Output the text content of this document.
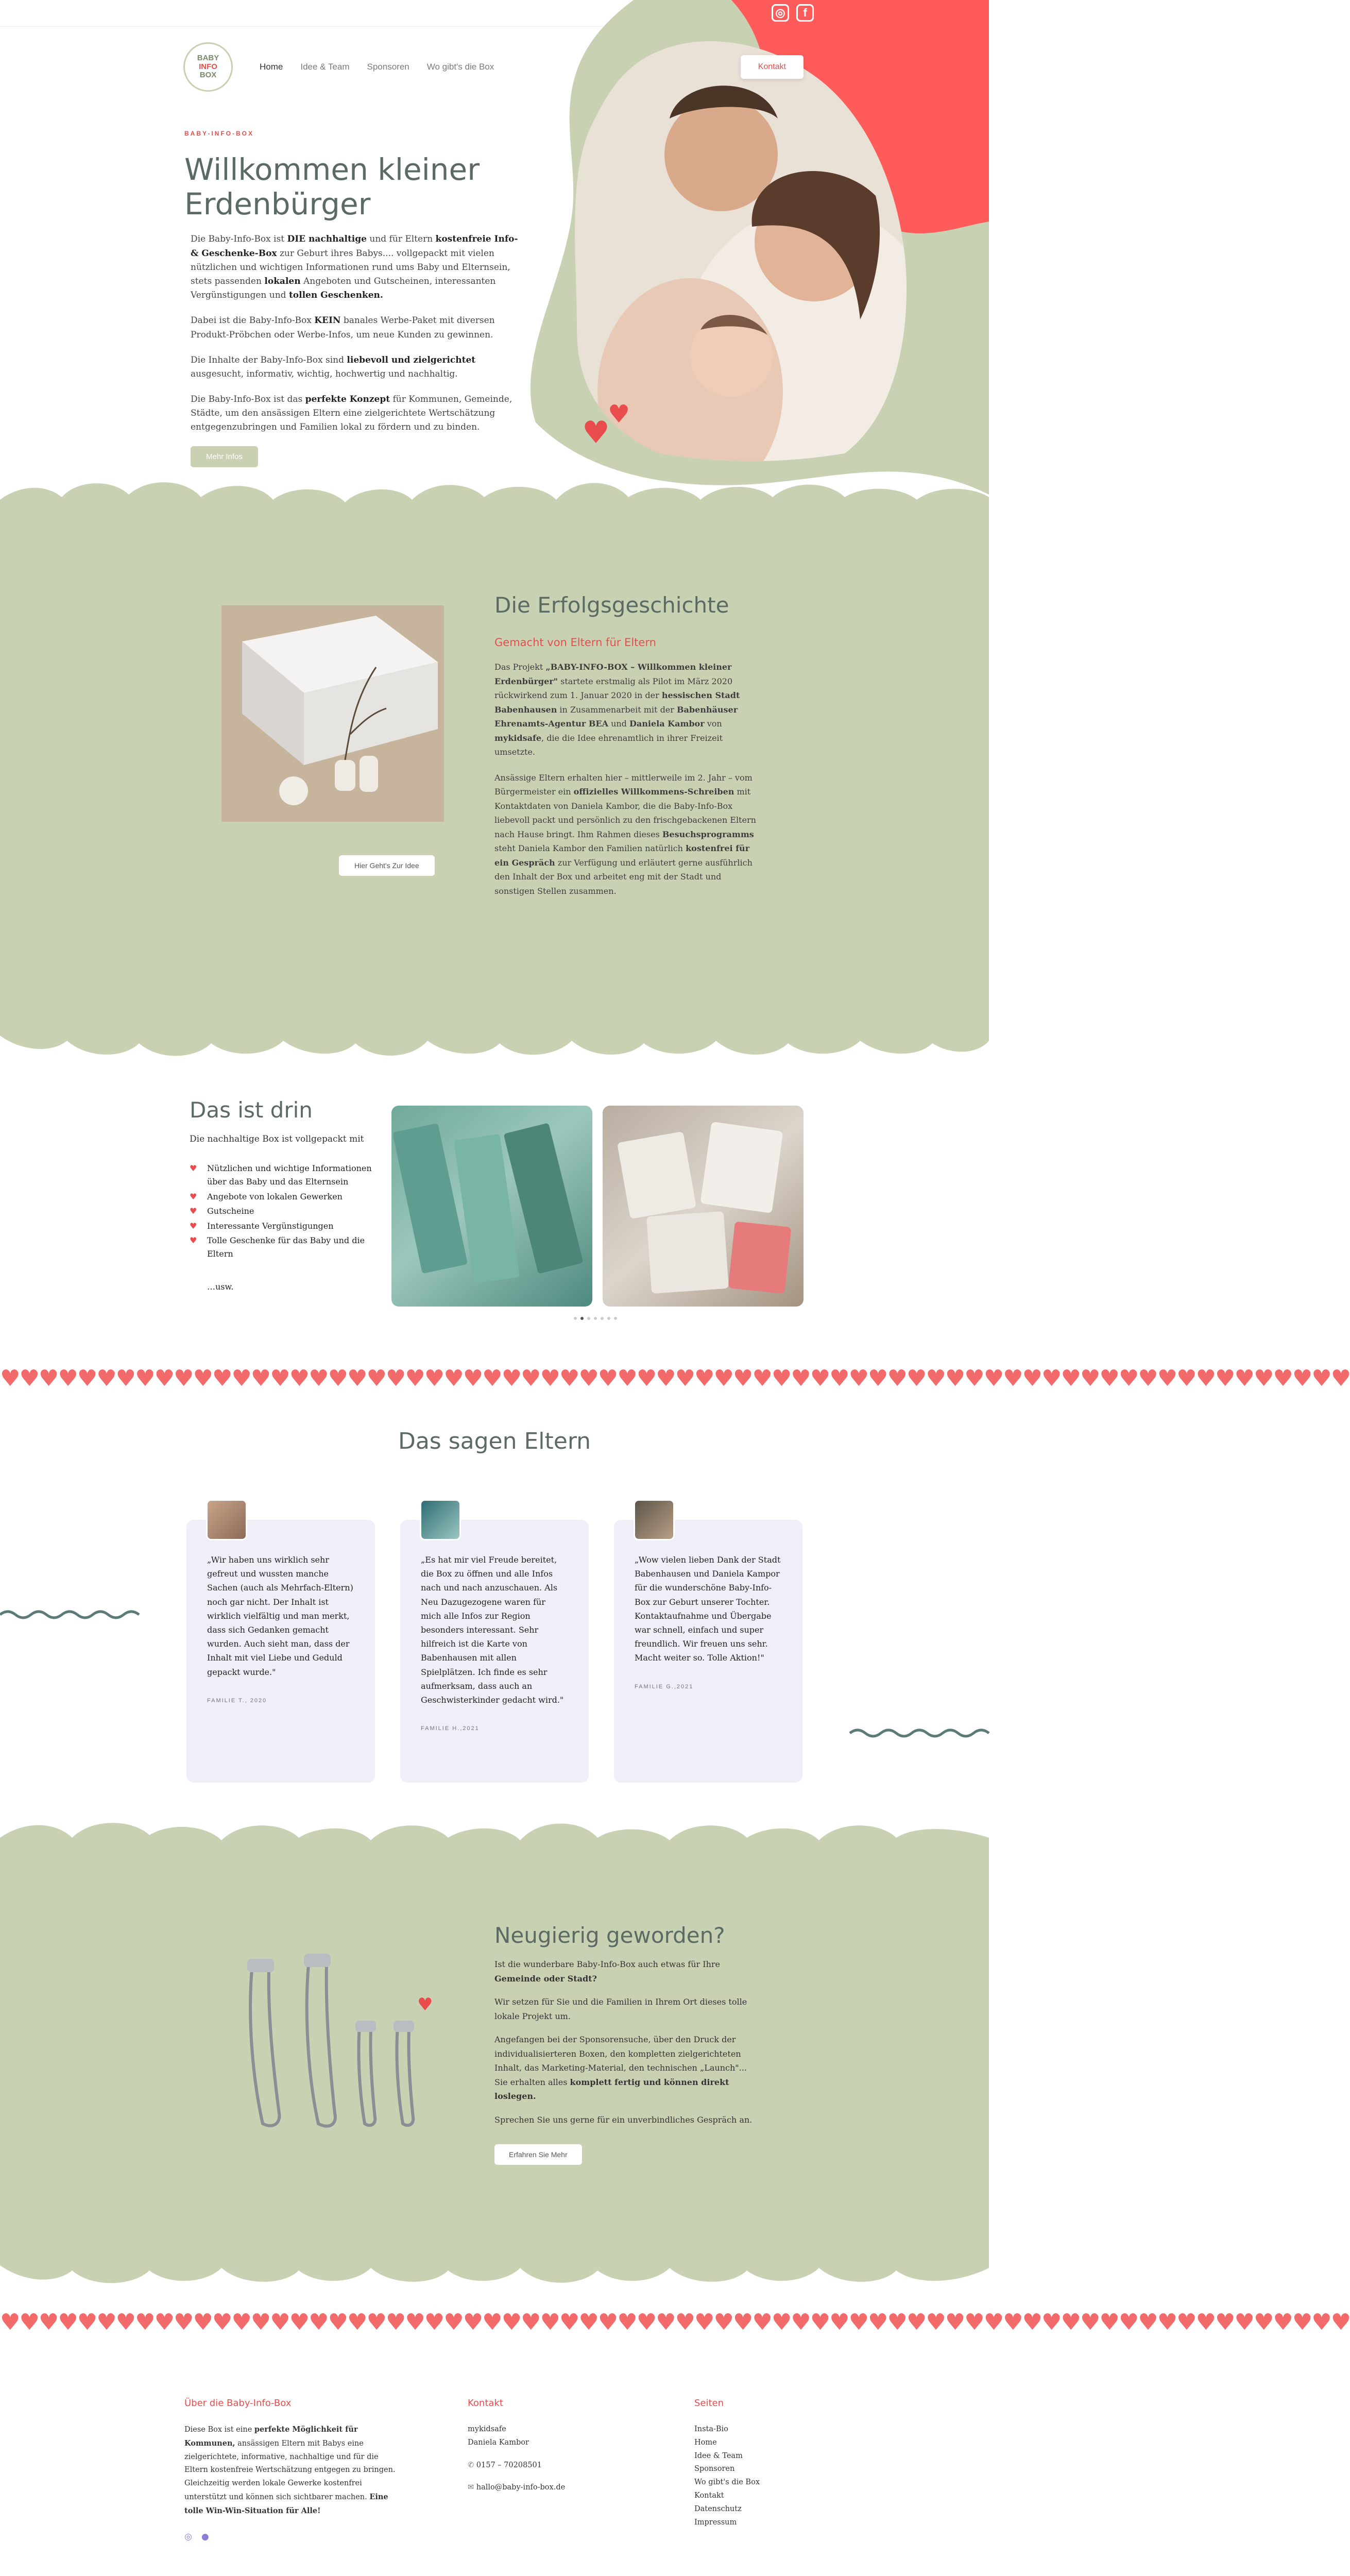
♥
♥
◎	f
BABY
INFO
BOX
Home Idee & Team Sponsoren Wo gibt's die Box	Kontakt
BABY-INFO-BOX
Willkommen kleiner
Erdenbürger

Die Baby-Info-Box ist DIE nachhaltige und für Eltern kostenfreie Info- & Geschenke-Box zur Geburt ihres Babys.... vollgepackt mit vielen nützlichen und wichtigen Informationen rund ums Baby und Elternsein, stets passenden lokalen Angeboten und Gutscheinen, interessanten Vergünstigungen und tollen Geschenken.

Dabei ist die Baby-Info-Box KEIN banales Werbe-Paket mit diversen Produkt-Pröbchen oder Werbe-Infos, um neue Kunden zu gewinnen.

Die Inhalte der Baby-Info-Box sind liebevoll und zielgerichtet ausgesucht, informativ, wichtig, hochwertig und nachhaltig.

Die Baby-Info-Box ist das perfekte Konzept für Kommunen, Gemeinde, Städte, um den ansässigen Eltern eine zielgerichtete Wertschätzung entgegenzubringen und Familien lokal zu fördern und zu binden.

Mehr Infos
Hier Geht's Zur Idee
Die Erfolgsgeschichte
Gemacht von Eltern für Eltern

Das Projekt „BABY-INFO-BOX – Willkommen kleiner Erdenbürger" startete erstmalig als Pilot im März 2020 rückwirkend zum 1. Januar 2020 in der hessischen Stadt Babenhausen in Zusammenarbeit mit der Babenhäuser Ehrenamts-Agentur BEA und Daniela Kambor von mykidsafe, die die Idee ehrenamtlich in ihrer Freizeit umsetzte.

Ansässige Eltern erhalten hier – mittlerweile im 2. Jahr – vom Bürgermeister ein offizielles Willkommens-Schreiben mit Kontaktdaten von Daniela Kambor, die die Baby-Info-Box liebevoll packt und persönlich zu den frischgebackenen Eltern nach Hause bringt. Ihm Rahmen dieses Besuchsprogramms steht Daniela Kambor den Familien natürlich kostenfrei für ein Gespräch zur Verfügung und erläutert gerne ausführlich den Inhalt der Box und arbeitet eng mit der Stadt und sonstigen Stellen zusammen.

Das ist drin
Die nachhaltige Box ist vollgepackt mit
♥ Nützlichen und wichtige Informationen über das Baby und das Elternsein
♥ Angebote von lokalen Gewerken
♥ Gutscheine
♥ Interessante Vergünstigungen
♥ Tolle Geschenke für das Baby und die Eltern
…usw.
♥♥♥♥♥♥♥♥♥♥♥♥♥♥♥♥♥♥♥♥♥♥♥♥♥♥♥♥♥♥♥♥♥♥♥♥♥♥♥♥♥♥♥♥♥♥♥♥♥♥♥♥♥♥♥♥♥♥♥♥♥♥♥♥♥♥♥♥♥♥
Das sagen Eltern

„Wir haben uns wirklich sehr gefreut und wussten manche Sachen (auch als Mehrfach-Eltern) noch gar nicht. Der Inhalt ist wirklich vielfältig und man merkt, dass sich Gedanken gemacht wurden. Auch sieht man, dass der Inhalt mit viel Liebe und Geduld gepackt wurde."

FAMILIE T., 2020

„Es hat mir viel Freude bereitet, die Box zu öffnen und alle Infos nach und nach anzuschauen. Als Neu Dazugezogene waren für mich alle Infos zur Region besonders interessant. Sehr hilfreich ist die Karte von Babenhausen mit allen Spielplätzen. Ich finde es sehr aufmerksam, dass auch an Geschwisterkinder gedacht wird."

FAMILIE H.,2021

„Wow vielen lieben Dank der Stadt Babenhausen und Daniela Kampor für die wunderschöne Baby-Info-Box zur Geburt unserer Tochter. Kontaktaufnahme und Übergabe war schnell, einfach und super freundlich. Wir freuen uns sehr. Macht weiter so. Tolle Aktion!"

FAMILIE G.,2021
♥
Neugierig geworden?

Ist die wunderbare Baby-Info-Box auch etwas für Ihre Gemeinde oder Stadt?

Wir setzen für Sie und die Familien in Ihrem Ort dieses tolle lokale Projekt um.

Angefangen bei der Sponsorensuche, über den Druck der individualisierteren Boxen, den kompletten zielgerichteten Inhalt, das Marketing-Material, den technischen „Launch"... Sie erhalten alles komplett fertig und können direkt loslegen.

Sprechen Sie uns gerne für ein unverbindliches Gespräch an.

Erfahren Sie Mehr
♥♥♥♥♥♥♥♥♥♥♥♥♥♥♥♥♥♥♥♥♥♥♥♥♥♥♥♥♥♥♥♥♥♥♥♥♥♥♥♥♥♥♥♥♥♥♥♥♥♥♥♥♥♥♥♥♥♥♥♥♥♥♥♥♥♥♥♥♥♥
Über die Baby-Info-Box

Diese Box ist eine perfekte Möglichkeit für Kommunen, ansässigen Eltern mit Babys eine zielgerichtete, informative, nachhaltige und für die Eltern kostenfreie Wertschätzung entgegen zu bringen. Gleichzeitig werden lokale Gewerke kostenfrei unterstützt und können sich sichtbarer machen. Eine tolle Win-Win-Situation für Alle!

◎ ●
Kontakt

mykidsafe

Daniela Kambor

✆ 0157 – 70208501

✉ hallo@baby-info-box.de

Seiten
Insta-Bio
Home
Idee & Team
Sponsoren
Wo gibt's die Box
Kontakt
Datenschutz
Impressum
